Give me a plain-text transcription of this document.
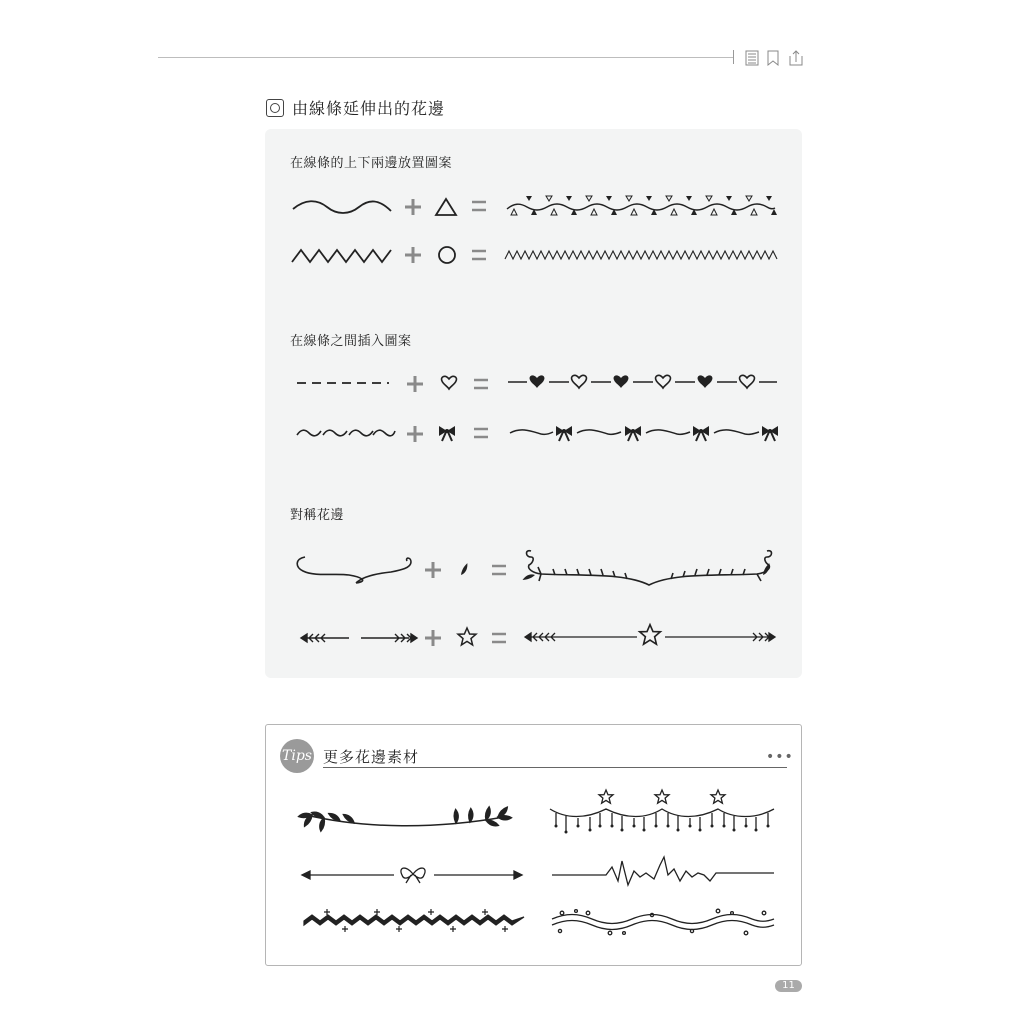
由線條延伸出的花邊
在線條的上下兩邊放置圖案
在線條之間插入圖案
對稱花邊
Tips 更多花邊素材	•••
11
